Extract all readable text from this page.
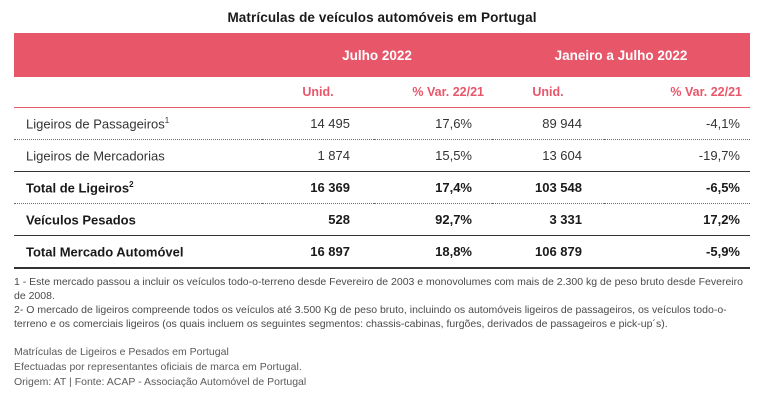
Matrículas de veículos automóveis em Portugal
	Julho 2022		Janeiro a Julho 2022	
	Unid.	% Var. 22/21	Unid.	% Var. 22/21
Ligeiros de Passageiros$^1$	14 495	17,6%	89 944	-4,1%
Ligeiros de Mercadorias	1 874	15,5%	13 604	-19,7%
Total de Ligeiros$^2$	16 369	17,4%	103 548	-6,5%
Veículos Pesados	528	92,7%	3 331	17,2%
Total Mercado Automóvel	16 897	18,8%	106 879	-5,9%

1 - Este mercado passou a incluir os veículos todo-o-terreno desde Fevereiro de 2003 e monovolumes com mais de 2.300 kg de peso bruto desde Fevereiro de 2008.

2- O mercado de ligeiros compreende todos os veículos até 3.500 Kg de peso bruto, incluindo os automóveis ligeiros de passageiros, os veículos todo-o-terreno e os comerciais ligeiros (os quais incluem os seguintes segmentos: chassis-cabinas, furgões, derivados de passageiros e pick-up´s).

Matrículas de Ligeiros e Pesados em Portugal

Efectuadas por representantes oficiais de marca em Portugal.

Origem: AT | Fonte: ACAP - Associação Automóvel de Portugal
